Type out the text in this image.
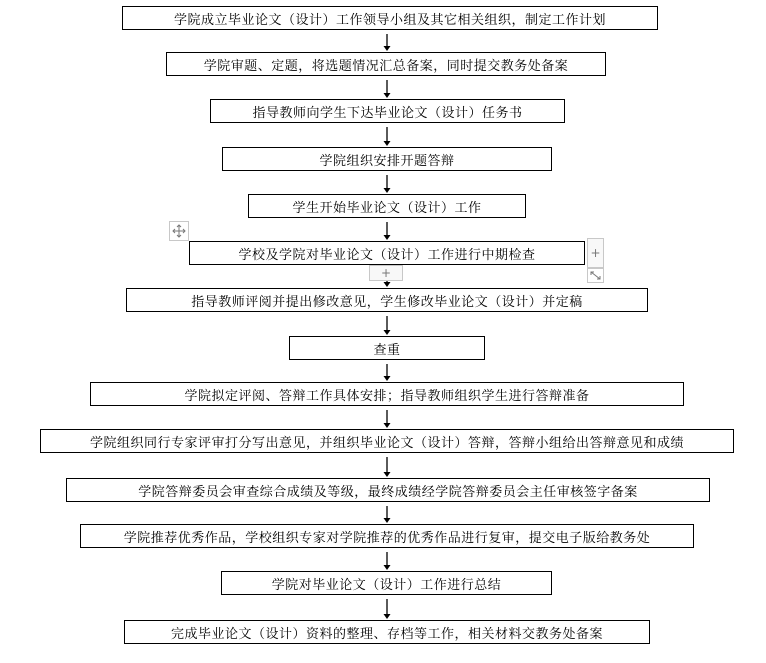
学院成立毕业论文（设计）工作领导小组及其它相关组织，制定工作计划
学院审题、定题，将选题情况汇总备案，同时提交教务处备案
指导教师向学生下达毕业论文（设计）任务书
学院组织安排开题答辩
学生开始毕业论文（设计）工作
学校及学院对毕业论文（设计）工作进行中期检查
指导教师评阅并提出修改意见，学生修改毕业论文（设计）并定稿
查重
学院拟定评阅、答辩工作具体安排；指导教师组织学生进行答辩准备
学院组织同行专家评审打分写出意见，并组织毕业论文（设计）答辩，答辩小组给出答辩意见和成绩
学院答辩委员会审查综合成绩及等级，最终成绩经学院答辩委员会主任审核签字备案
学院推荐优秀作品，学校组织专家对学院推荐的优秀作品进行复审，提交电子版给教务处
学院对毕业论文（设计）工作进行总结
完成毕业论文（设计）资料的整理、存档等工作，相关材料交教务处备案
+
+
